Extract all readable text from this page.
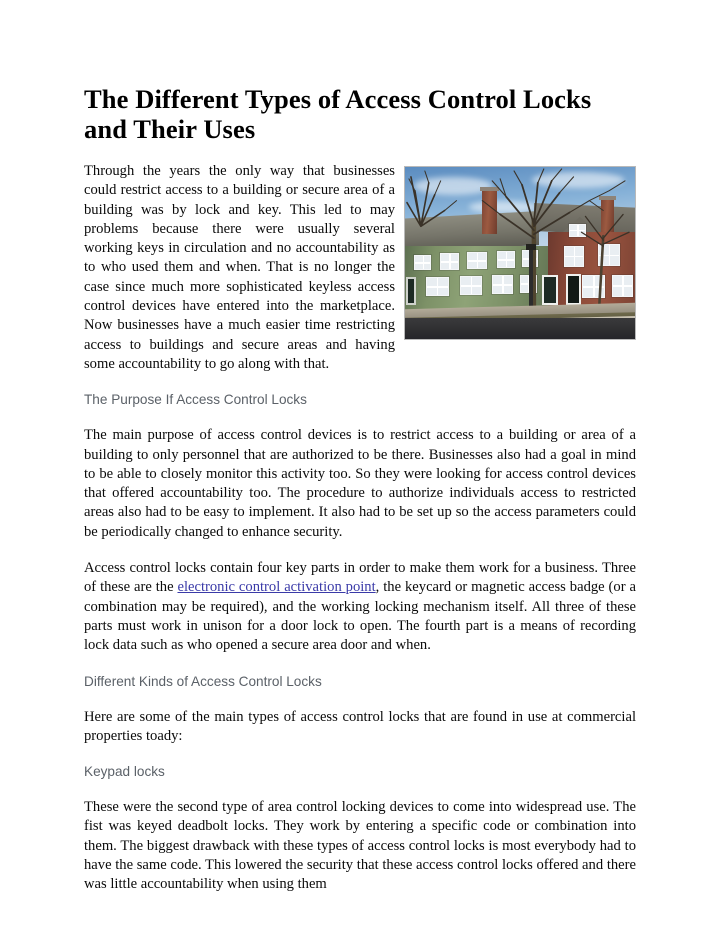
The Different Types of Access Control Locks and Their Uses

Through the years the only way that businesses could restrict access to a building or secure area of a building was by lock and key. This led to may problems because there were usually several working keys in circulation and no accountability as to who used them and when. That is no longer the case since much more sophisticated keyless access control devices have entered into the marketplace. Now businesses have a much easier time restricting access to buildings and secure areas and having some accountability to go along with that.

The Purpose If Access Control Locks

The main purpose of access control devices is to restrict access to a building or area of a building to only personnel that are authorized to be there. Businesses also had a goal in mind to be able to closely monitor this activity too. So they were looking for access control devices that offered accountability too. The procedure to authorize individuals access to restricted areas also had to be easy to implement. It also had to be set up so the access parameters could be periodically changed to enhance security.

Access control locks contain four key parts in order to make them work for a business. Three of these are the electronic control activation point, the keycard or magnetic access badge (or a combination may be required), and the working locking mechanism itself. All three of these parts must work in unison for a door lock to open. The fourth part is a means of recording lock data such as who opened a secure area door and when.

Different Kinds of Access Control Locks

Here are some of the main types of access control locks that are found in use at commercial properties toady:

Keypad locks

These were the second type of area control locking devices to come into widespread use. The fist was keyed deadbolt locks. They work by entering a specific code or combination into them. The biggest drawback with these types of access control locks is most everybody had to have the same code. This lowered the security that these access control locks offered and there was little accountability when using them
